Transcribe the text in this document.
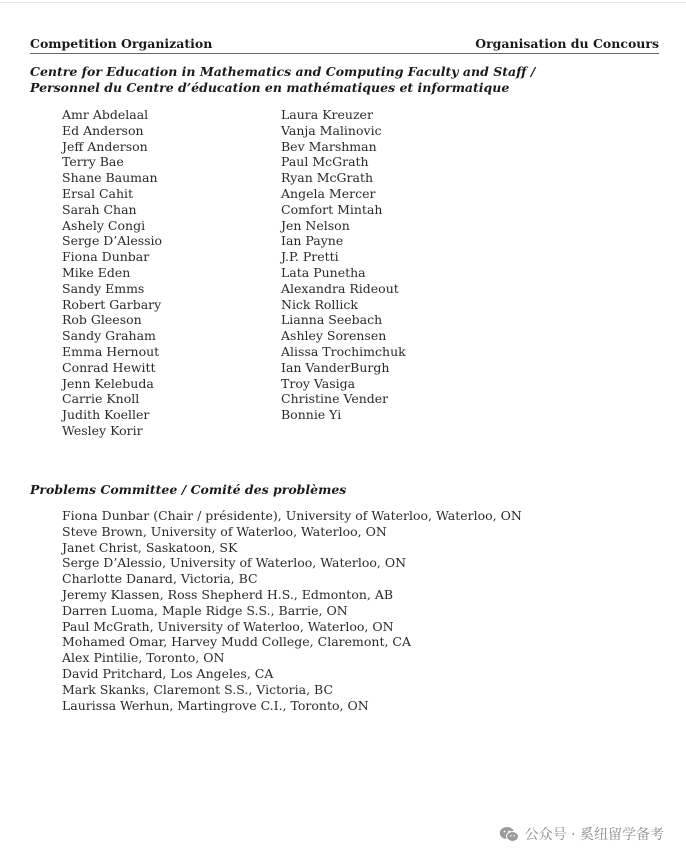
Competition Organization	Organisation du Concours
Centre for Education in Mathematics and Computing Faculty and Staff /
Personnel du Centre d’éducation en mathématiques et informatique
Amr Abdelaal
Ed Anderson
Jeff Anderson
Terry Bae
Shane Bauman
Ersal Cahit
Sarah Chan
Ashely Congi
Serge D’Alessio
Fiona Dunbar
Mike Eden
Sandy Emms
Robert Garbary
Rob Gleeson
Sandy Graham
Emma Hernout
Conrad Hewitt
Jenn Kelebuda
Carrie Knoll
Judith Koeller
Wesley Korir
Laura Kreuzer
Vanja Malinovic
Bev Marshman
Paul McGrath
Ryan McGrath
Angela Mercer
Comfort Mintah
Jen Nelson
Ian Payne
J.P. Pretti
Lata Punetha
Alexandra Rideout
Nick Rollick
Lianna Seebach
Ashley Sorensen
Alissa Trochimchuk
Ian VanderBurgh
Troy Vasiga
Christine Vender
Bonnie Yi
Problems Committee / Comité des problèmes
Fiona Dunbar (Chair / présidente), University of Waterloo, Waterloo, ON
Steve Brown, University of Waterloo, Waterloo, ON
Janet Christ, Saskatoon, SK
Serge D’Alessio, University of Waterloo, Waterloo, ON
Charlotte Danard, Victoria, BC
Jeremy Klassen, Ross Shepherd H.S., Edmonton, AB
Darren Luoma, Maple Ridge S.S., Barrie, ON
Paul McGrath, University of Waterloo, Waterloo, ON
Mohamed Omar, Harvey Mudd College, Claremont, CA
Alex Pintilie, Toronto, ON
David Pritchard, Los Angeles, CA
Mark Skanks, Claremont S.S., Victoria, BC
Laurissa Werhun, Martingrove C.I., Toronto, ON
公众号 · 奚纽留学备考
